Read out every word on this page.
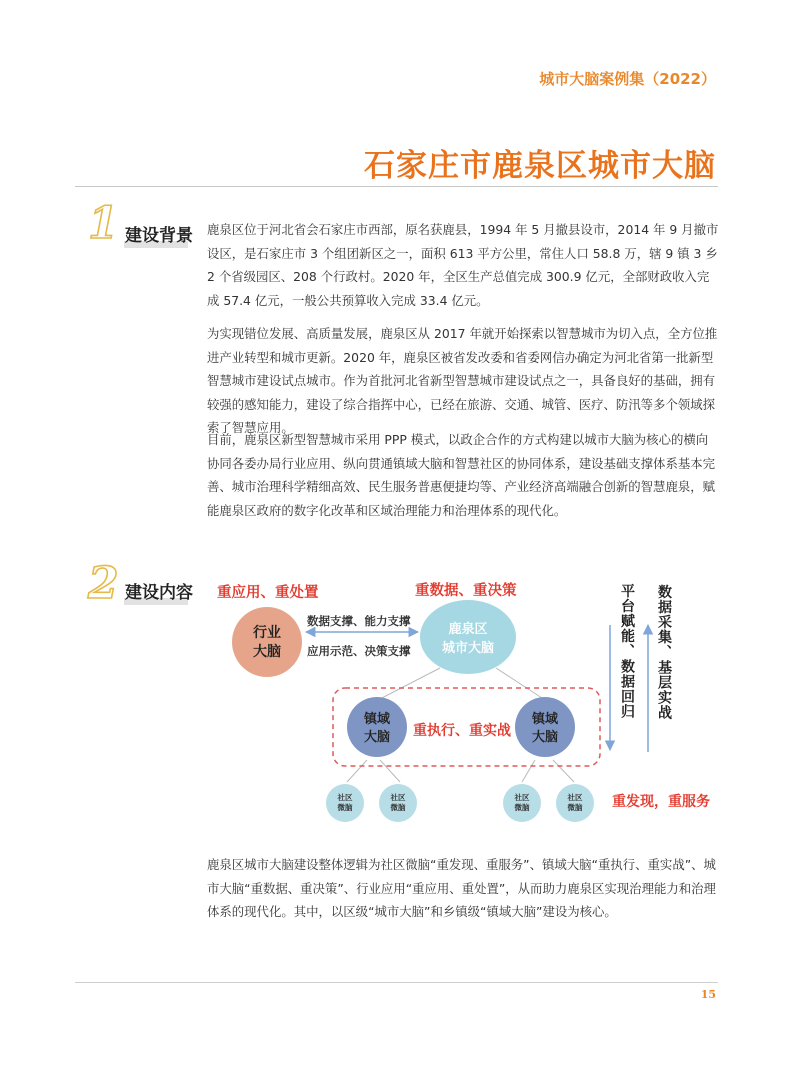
城市大脑案例集（2022）
石家庄市鹿泉区城市大脑
1 建设背景 鹿泉区位于河北省会石家庄市西部，原名获鹿县，1994 年 5 月撤县设市，2014 年 9 月撤市设区，是石家庄市 3 个组团新区之一，面积 613 平方公里，常住人口 58.8 万，辖 9 镇 3 乡 2 个省级园区、208 个行政村。2020 年，全区生产总值完成 300.9 亿元，全部财政收入完成 57.4 亿元，一般公共预算收入完成 33.4 亿元。

为实现错位发展、高质量发展，鹿泉区从 2017 年就开始探索以智慧城市为切入点，全方位推进产业转型和城市更新。2020 年，鹿泉区被省发改委和省委网信办确定为河北省第一批新型智慧城市建设试点城市。作为首批河北省新型智慧城市建设试点之一，具备良好的基础，拥有较强的感知能力，建设了综合指挥中心，已经在旅游、交通、城管、医疗、防汛等多个领域探索了智慧应用。

目前，鹿泉区新型智慧城市采用 PPP 模式，以政企合作的方式构建以城市大脑为核心的横向协同各委办局行业应用、纵向贯通镇域大脑和智慧社区的协同体系，建设基础支撑体系基本完善、城市治理科学精细高效、民生服务普惠便捷均等、产业经济高端融合创新的智慧鹿泉，赋能鹿泉区政府的数字化改革和区域治理能力和治理体系的现代化。

2 建设内容 重应用、重处置	重数据、重决策
数据支撑、能力支撑
应用示范、决策支撑
行业
大脑
鹿泉区
城市大脑
镇域
大脑
镇域
大脑
重执行、重实战
社区
微脑
社区
微脑
社区
微脑
社区
微脑 重发现，重服务
平台赋能、
数据回归
数据采集、
基层实战

鹿泉区城市大脑建设整体逻辑为社区微脑“重发现、重服务”、镇域大脑“重执行、重实战”、城市大脑“重数据、重决策”、行业应用“重应用、重处置”，从而助力鹿泉区实现治理能力和治理体系的现代化。其中，以区级“城市大脑”和乡镇级“镇域大脑”建设为核心。

15
